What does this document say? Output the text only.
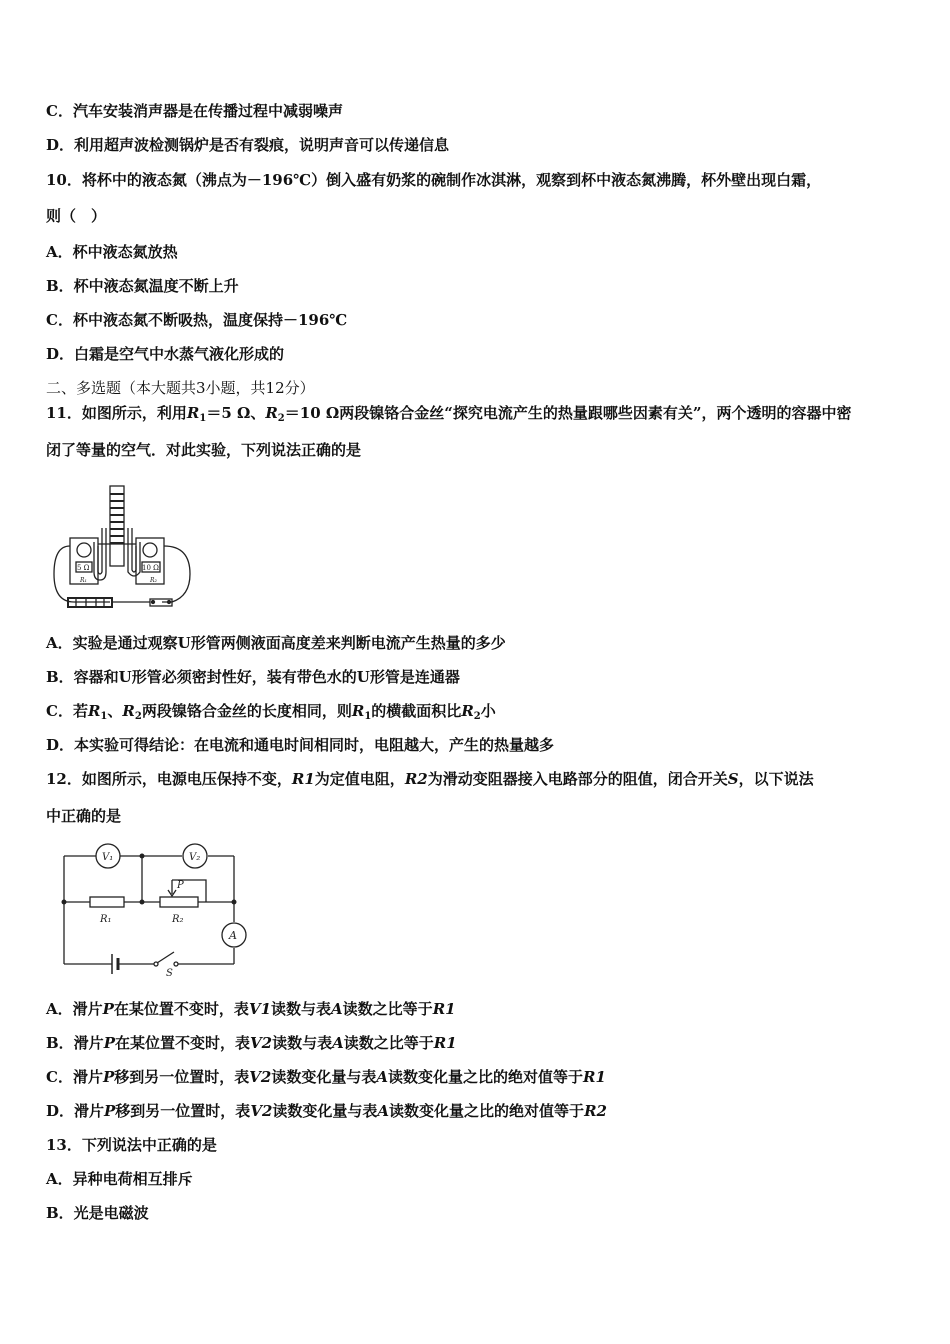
C．汽车安装消声器是在传播过程中减弱噪声
D．利用超声波检测锅炉是否有裂痕，说明声音可以传递信息
10．将杯中的液态氮（沸点为－196℃）倒入盛有奶浆的碗制作冰淇淋，观察到杯中液态氮沸腾，杯外壁出现白霜，
则（　）
A．杯中液态氮放热
B．杯中液态氮温度不断上升
C．杯中液态氮不断吸热，温度保持－196℃
D．白霜是空气中水蒸气液化形成的
二、多选题（本大题共3小题，共12分）
11．如图所示，利用$R_1=5$ Ω、$R_2=10$ Ω两段镍铬合金丝“探究电流产生的热量跟哪些因素有关”，两个透明的容器中密
闭了等量的空气．对此实验，下列说法正确的是
5 Ω	10 Ω
R₁	R₂
A．实验是通过观察U形管两侧液面高度差来判断电流产生热量的多少
B．容器和U形管必须密封性好，装有带色水的U形管是连通器
C．若$R_1$、$R_2$两段镍铬合金丝的长度相同，则$R_1$的横截面积比$R_2$小
D．本实验可得结论：在电流和通电时间相同时，电阻越大，产生的热量越多
12．如图所示，电源电压保持不变，R1为定值电阻，R2为滑动变阻器接入电路部分的阻值，闭合开关S，以下说法
中正确的是
V₁	V₂
R₁	R₂
P
A
S
A．滑片P在某位置不变时，表V1读数与表A读数之比等于R1
B．滑片P在某位置不变时，表V2读数与表A读数之比等于R1
C．滑片P移到另一位置时，表V2读数变化量与表A读数变化量之比的绝对值等于R1
D．滑片P移到另一位置时，表V2读数变化量与表A读数变化量之比的绝对值等于R2
13．下列说法中正确的是
A．异种电荷相互排斥
B．光是电磁波
